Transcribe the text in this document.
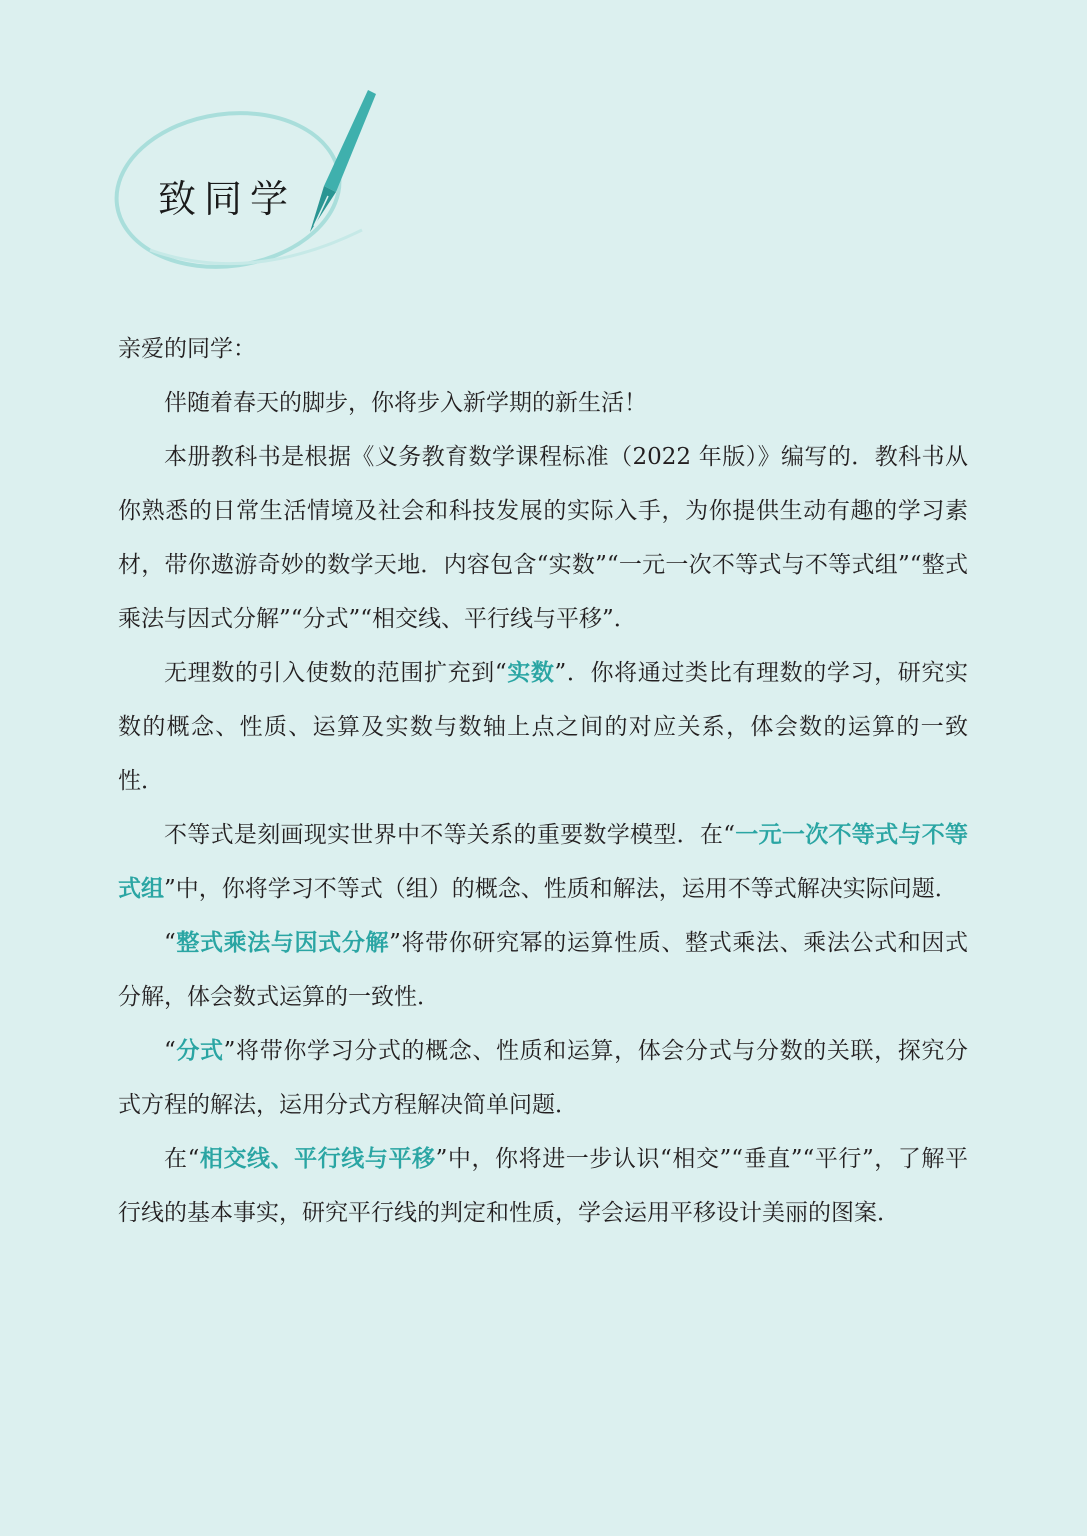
致同学

亲爱的同学：

伴随着春天的脚步，你将步入新学期的新生活！

本册教科书是根据《义务教育数学课程标准（2022 年版）》编写的．教科书从你熟悉的日常生活情境及社会和科技发展的实际入手，为你提供生动有趣的学习素材，带你遨游奇妙的数学天地．内容包含“实数”“一元一次不等式与不等式组”“整式乘法与因式分解”“分式”“相交线、平行线与平移”．

无理数的引入使数的范围扩充到“实数”．你将通过类比有理数的学习，研究实数的概念、性质、运算及实数与数轴上点之间的对应关系，体会数的运算的一致性．

不等式是刻画现实世界中不等关系的重要数学模型．在“一元一次不等式与不等式组”中，你将学习不等式（组）的概念、性质和解法，运用不等式解决实际问题．

“整式乘法与因式分解”将带你研究幂的运算性质、整式乘法、乘法公式和因式分解，体会数式运算的一致性．

“分式”将带你学习分式的概念、性质和运算，体会分式与分数的关联，探究分式方程的解法，运用分式方程解决简单问题．

在“相交线、平行线与平移”中，你将进一步认识“相交”“垂直”“平行”，了解平行线的基本事实，研究平行线的判定和性质，学会运用平移设计美丽的图案．
